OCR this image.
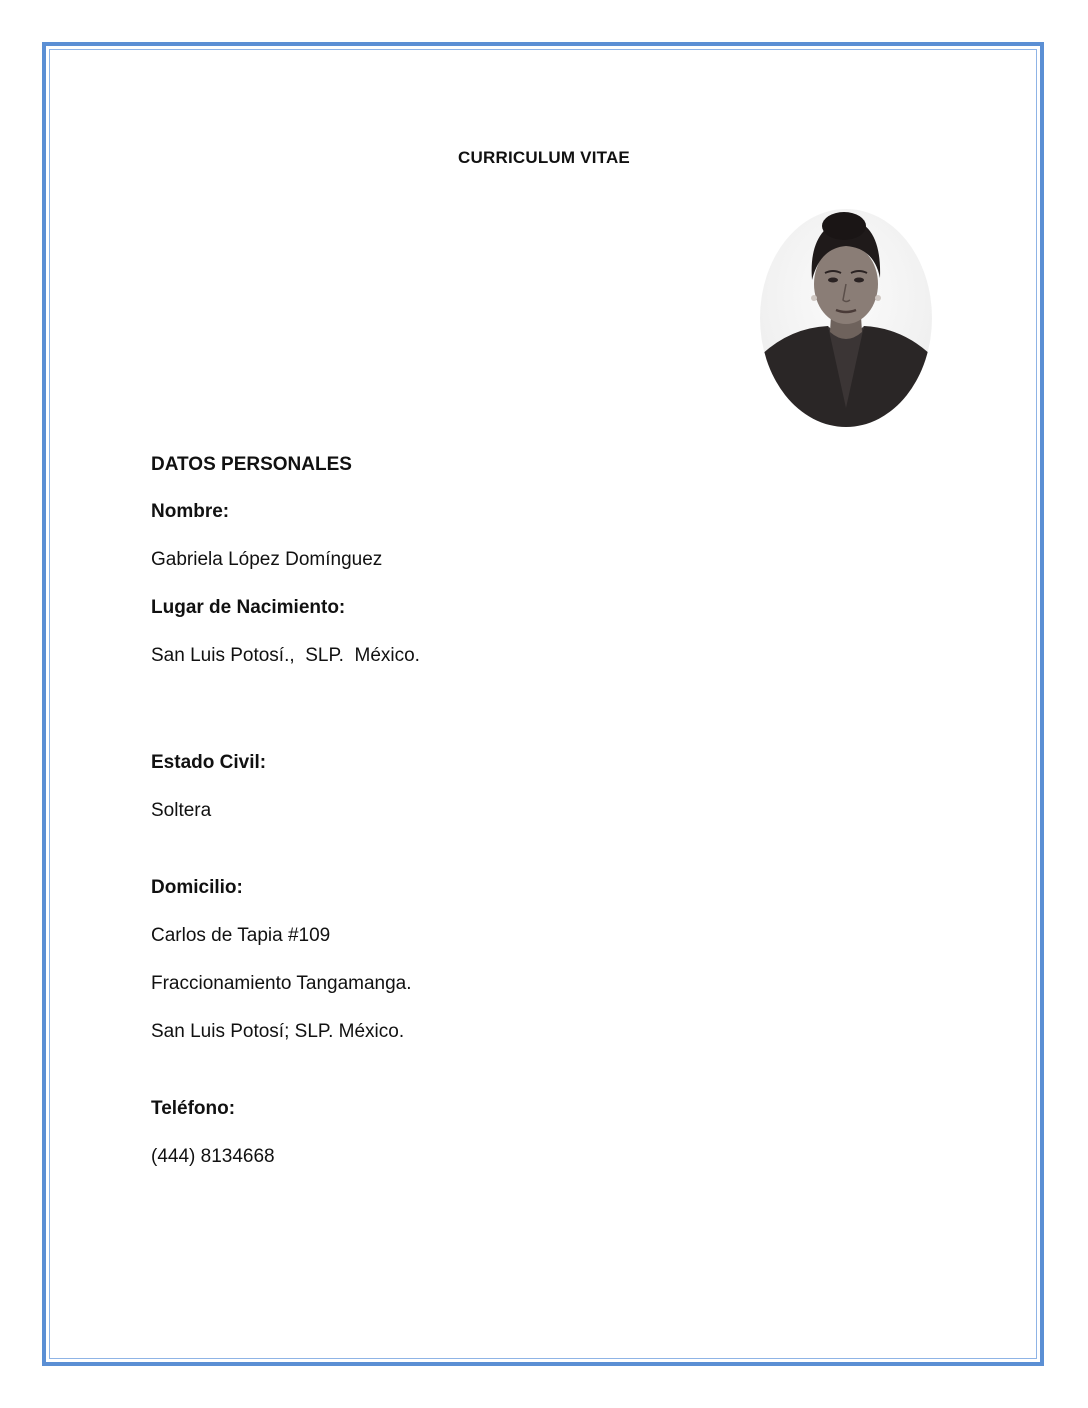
CURRICULUM VITAE
DATOS PERSONALES
Nombre:
Gabriela López Domínguez
Lugar de Nacimiento:
San Luis Potosí.,  SLP.  México.
Estado Civil:
Soltera
Domicilio:
Carlos de Tapia #109
Fraccionamiento Tangamanga.
San Luis Potosí; SLP. México.
Teléfono:
(444) 8134668
